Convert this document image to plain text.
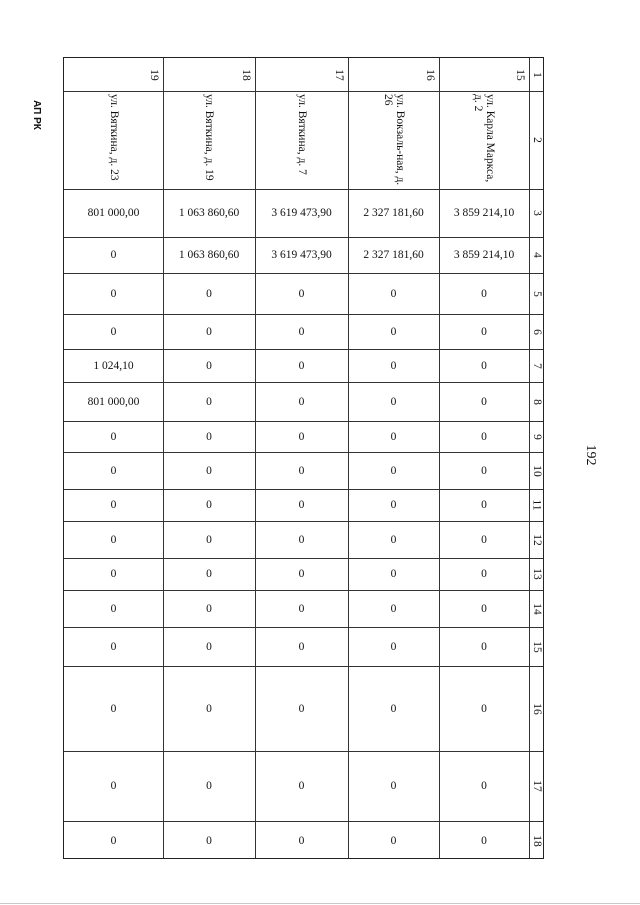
АП РК
192
1
2
3
4
5
6
7
8
9
10
11
12
13
14
15
16
17
18
19
ул. Вяткина, д. 23
801 000,00
0
0
0
1 024,10
801 000,00
0
0
0
0
0
0
0
0
0
0
18
ул. Вяткина, д. 19
1 063 860,60
1 063 860,60
0
0
0
0
0
0
0
0
0
0
0
0
0
0
17
ул. Вяткина, д. 7
3 619 473,90
3 619 473,90
0
0
0
0
0
0
0
0
0
0
0
0
0
0
16
ул. Вокзаль-ная, д. 26
2 327 181,60
2 327 181,60
0
0
0
0
0
0
0
0
0
0
0
0
0
0
15
ул. Карла Маркса, д. 2
3 859 214,10
3 859 214,10
0
0
0
0
0
0
0
0
0
0
0
0
0
0
